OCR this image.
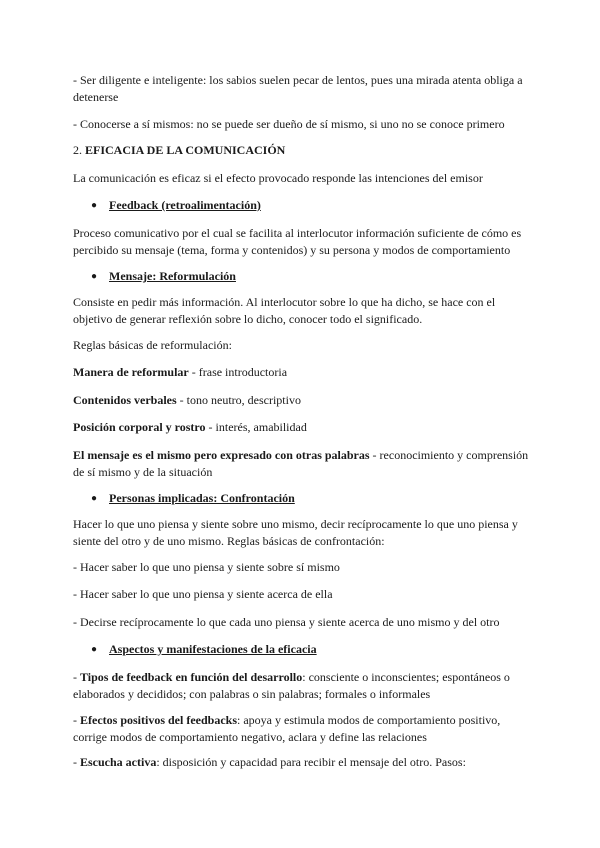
- Ser diligente e inteligente: los sabios suelen pecar de lentos, pues una mirada atenta obliga a detenerse

- Conocerse a sí mismos: no se puede ser dueño de sí mismo, si uno no se conoce primero

2. EFICACIA DE LA COMUNICACIÓN

La comunicación es eficaz si el efecto provocado responde las intenciones del emisor

● Feedback (retroalimentación)

Proceso comunicativo por el cual se facilita al interlocutor información suficiente de cómo es percibido su mensaje (tema, forma y contenidos) y su persona y modos de comportamiento

● Mensaje: Reformulación

Consiste en pedir más información. Al interlocutor sobre lo que ha dicho, se hace con el objetivo de generar reflexión sobre lo dicho, conocer todo el significado.

Reglas básicas de reformulación:

Manera de reformular - frase introductoria

Contenidos verbales - tono neutro, descriptivo

Posición corporal y rostro - interés, amabilidad

El mensaje es el mismo pero expresado con otras palabras - reconocimiento y comprensión de sí mismo y de la situación

● Personas implicadas: Confrontación

Hacer lo que uno piensa y siente sobre uno mismo, decir recíprocamente lo que uno piensa y siente del otro y de uno mismo. Reglas básicas de confrontación:

- Hacer saber lo que uno piensa y siente sobre sí mismo

- Hacer saber lo que uno piensa y siente acerca de ella

- Decirse recíprocamente lo que cada uno piensa y siente acerca de uno mismo y del otro

● Aspectos y manifestaciones de la eficacia

- Tipos de feedback en función del desarrollo: consciente o inconscientes; espontáneos o elaborados y decididos; con palabras o sin palabras; formales o informales

- Efectos positivos del feedbacks: apoya y estimula modos de comportamiento positivo, corrige modos de comportamiento negativo, aclara y define las relaciones

- Escucha activa: disposición y capacidad para recibir el mensaje del otro. Pasos:
